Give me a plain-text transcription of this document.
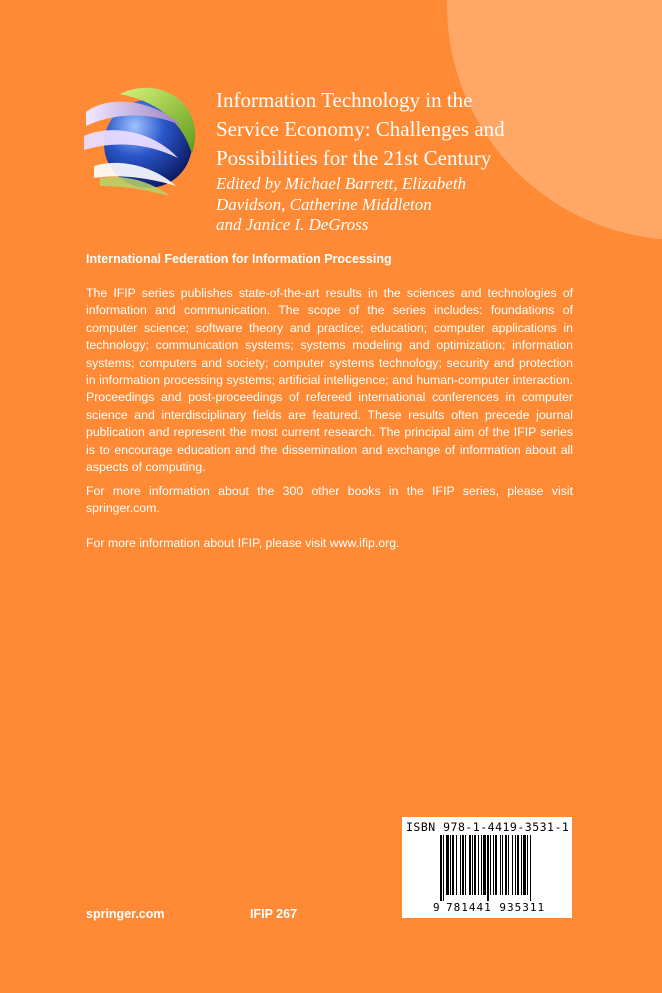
Information Technology in the
Service Economy: Challenges and
Possibilities for the 21st Century
Edited by Michael Barrett, Elizabeth
Davidson, Catherine Middleton
and Janice I. DeGross
International Federation for Information Processing

The IFIP series publishes state-of-the-art results in the sciences and technologies of information and communication. The scope of the series includes: foundations of computer science; software theory and practice; education; computer applications in technology; communication systems; systems modeling and optimization; information systems; computers and society; computer systems technology; security and protection in information processing systems; artificial intelligence; and human-computer interaction. Proceedings and post-proceedings of refereed international conferences in computer science and interdisciplinary fields are featured. These results often precede journal publication and represent the most current research. The principal aim of the IFIP series is to encourage education and the dissemination and exchange of information about all aspects of computing.

For more information about the 300 other books in the IFIP series, please visit springer.com.

For more information about IFIP, please visit www.ifip.org.

springer.com	IFIP 267
ISBN 978-1-4419-3531-1
9 781441 935311
